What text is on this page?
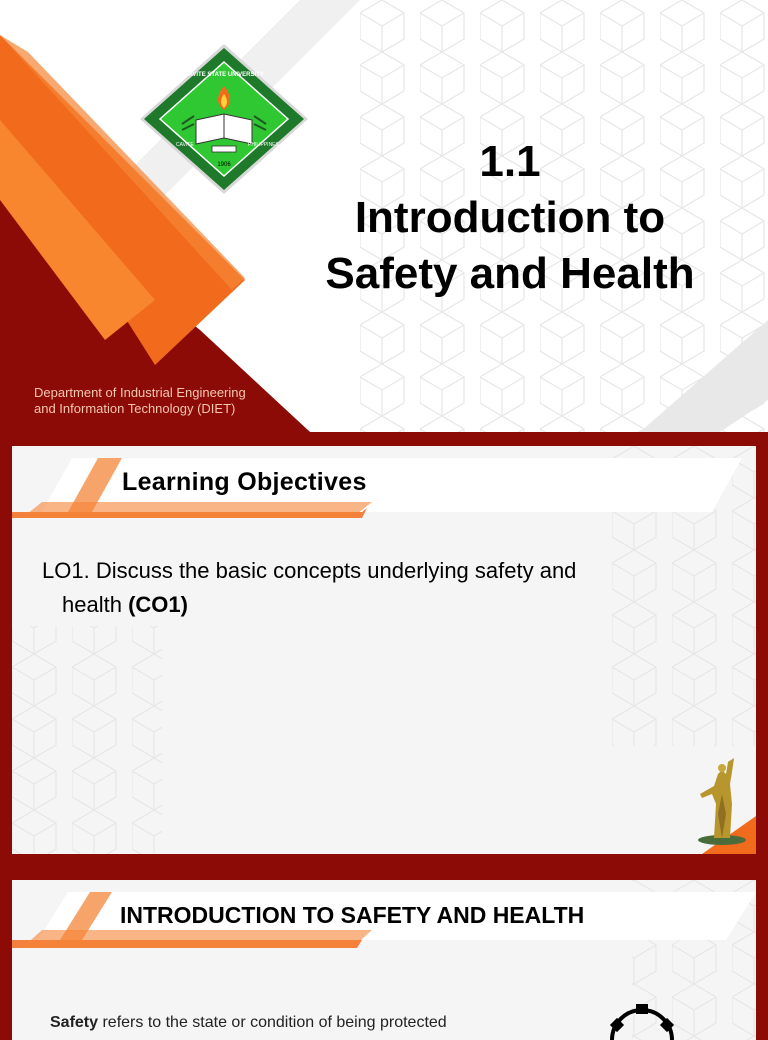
1906
CAVITE STATE UNIVERSITY
CAVITE	PHILIPPINES	1.1
Introduction to
Safety and Health
Department of Industrial Engineering
and Information Technology (DIET)
Learning Objectives
LO1. Discuss the basic concepts underlying safety and
health (CO1)
INTRODUCTION TO SAFETY AND HEALTH
Safety refers to the state or condition of being protected
